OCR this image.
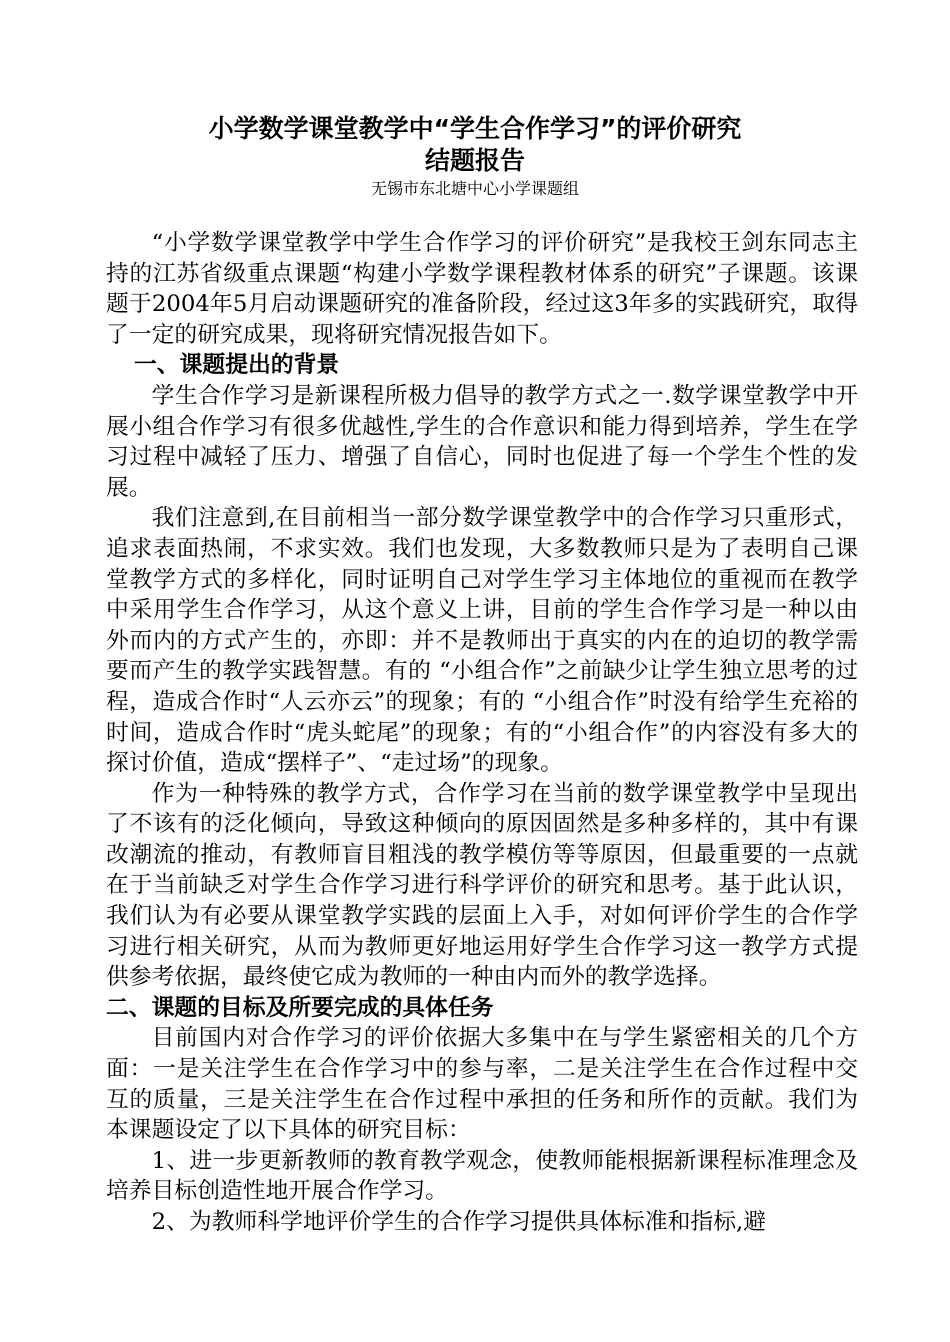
小学数学课堂教学中“学生合作学习”的评价研究
结题报告
无锡市东北塘中心小学课题组

“小学数学课堂教学中学生合作学习的评价研究”是我校王剑东同志主持的江苏省级重点课题“构建小学数学课程教材体系的研究”子课题。该课题于2004年5月启动课题研究的准备阶段，经过这3年多的实践研究，取得了一定的研究成果，现将研究情况报告如下。

一、课题提出的背景

学生合作学习是新课程所极力倡导的教学方式之一.数学课堂教学中开展小组合作学习有很多优越性,学生的合作意识和能力得到培养，学生在学习过程中减轻了压力、增强了自信心，同时也促进了每一个学生个性的发展。

我们注意到,在目前相当一部分数学课堂教学中的合作学习只重形式，追求表面热闹，不求实效。我们也发现，大多数教师只是为了表明自己课堂教学方式的多样化，同时证明自己对学生学习主体地位的重视而在教学中采用学生合作学习，从这个意义上讲，目前的学生合作学习是一种以由外而内的方式产生的，亦即：并不是教师出于真实的内在的迫切的教学需要而产生的教学实践智慧。有的 “小组合作”之前缺少让学生独立思考的过程，造成合作时“人云亦云”的现象；有的 “小组合作”时没有给学生充裕的时间，造成合作时“虎头蛇尾”的现象；有的“小组合作”的内容没有多大的探讨价值，造成“摆样子”、“走过场”的现象。

作为一种特殊的教学方式，合作学习在当前的数学课堂教学中呈现出了不该有的泛化倾向，导致这种倾向的原因固然是多种多样的，其中有课改潮流的推动，有教师盲目粗浅的教学模仿等等原因，但最重要的一点就在于当前缺乏对学生合作学习进行科学评价的研究和思考。基于此认识，我们认为有必要从课堂教学实践的层面上入手，对如何评价学生的合作学习进行相关研究，从而为教师更好地运用好学生合作学习这一教学方式提供参考依据，最终使它成为教师的一种由内而外的教学选择。

二、课题的目标及所要完成的具体任务

目前国内对合作学习的评价依据大多集中在与学生紧密相关的几个方面：一是关注学生在合作学习中的参与率，二是关注学生在合作过程中交互的质量，三是关注学生在合作过程中承担的任务和所作的贡献。我们为本课题设定了以下具体的研究目标：

1、进一步更新教师的教育教学观念，使教师能根据新课程标准理念及培养目标创造性地开展合作学习。

2、为教师科学地评价学生的合作学习提供具体标准和指标,避
